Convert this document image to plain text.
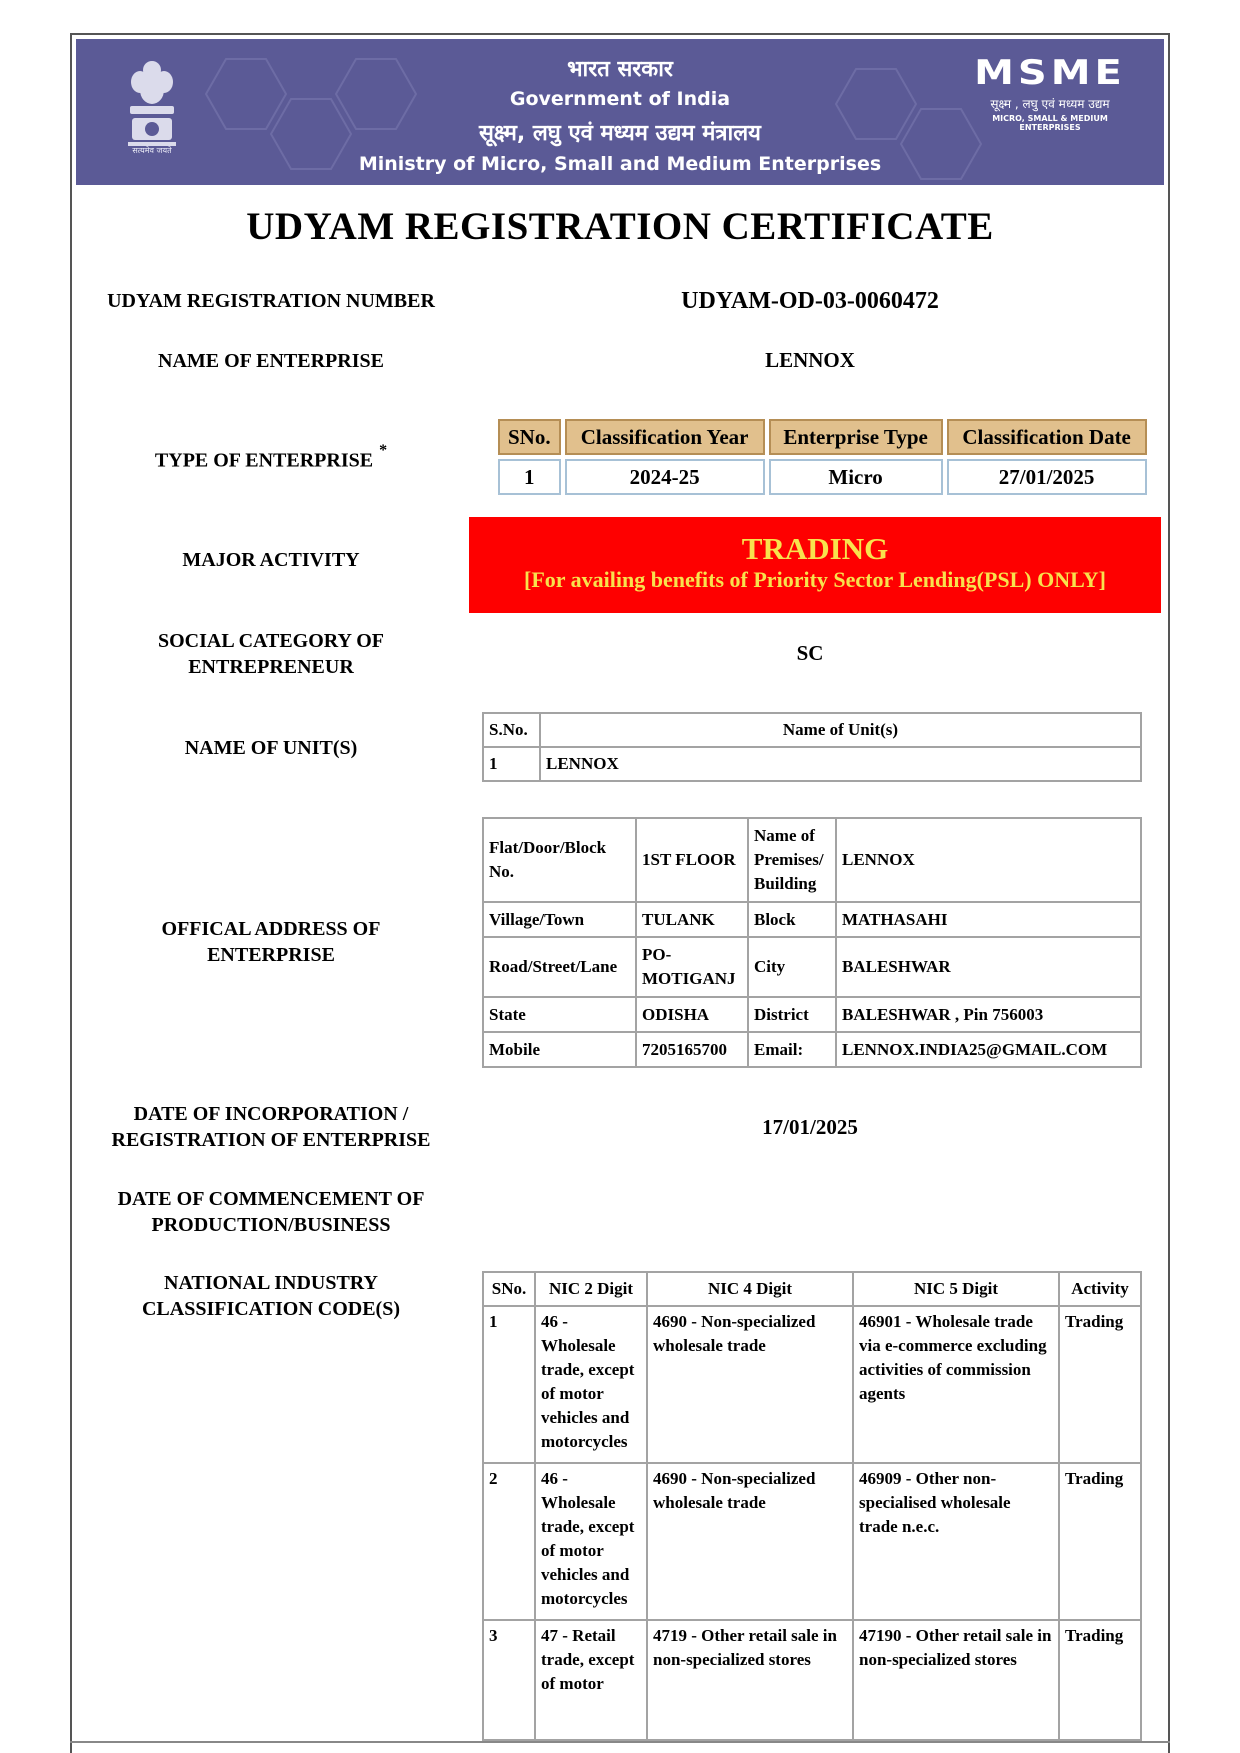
सत्यमेव जयते
भारत सरकार
Government of India
सूक्ष्म, लघु एवं मध्यम उद्यम मंत्रालय
Ministry of Micro, Small and Medium Enterprises
MSME
सूक्ष्म , लघु एवं मध्यम उद्यम
MICRO, SMALL & MEDIUM ENTERPRISES
UDYAM REGISTRATION CERTIFICATE
UDYAM REGISTRATION NUMBER	UDYAM-OD-03-0060472
NAME OF ENTERPRISE	LENNOX
TYPE OF ENTERPRISE *
SNo.	Classification Year	Enterprise Type	Classification Date

1	2024-25	Micro	27/01/2025
MAJOR ACTIVITY	TRADING
[For availing benefits of Priority Sector Lending(PSL) ONLY]
SOCIAL CATEGORY OF
ENTREPRENEUR
SC
NAME OF UNIT(S)
S.No.	Name of Unit(s)
1	LENNOX
OFFICAL ADDRESS OF
ENTERPRISE
Flat/Door/Block No.	1ST FLOOR	Name of Premises/ Building	LENNOX
Village/Town	TULANK	Block	MATHASAHI
Road/Street/Lane	PO-MOTIGANJ	City	BALESHWAR
State	ODISHA	District	BALESHWAR , Pin 756003
Mobile	7205165700	Email:	LENNOX.INDIA25@GMAIL.COM
DATE OF INCORPORATION /
REGISTRATION OF ENTERPRISE
17/01/2025
DATE OF COMMENCEMENT OF
PRODUCTION/BUSINESS
NATIONAL INDUSTRY
CLASSIFICATION CODE(S)
SNo.	NIC 2 Digit	NIC 4 Digit	NIC 5 Digit	Activity
1	46 - Wholesale trade, except of motor vehicles and motorcycles	4690 - Non-specialized wholesale trade	46901 - Wholesale trade via e-commerce excluding activities of commission agents	Trading
2	46 - Wholesale trade, except of motor vehicles and motorcycles	4690 - Non-specialized wholesale trade	46909 - Other non-specialised wholesale trade n.e.c.	Trading
3	47 - Retail trade, except of motor	4719 - Other retail sale in non-specialized stores	47190 - Other retail sale in non-specialized stores	Trading
